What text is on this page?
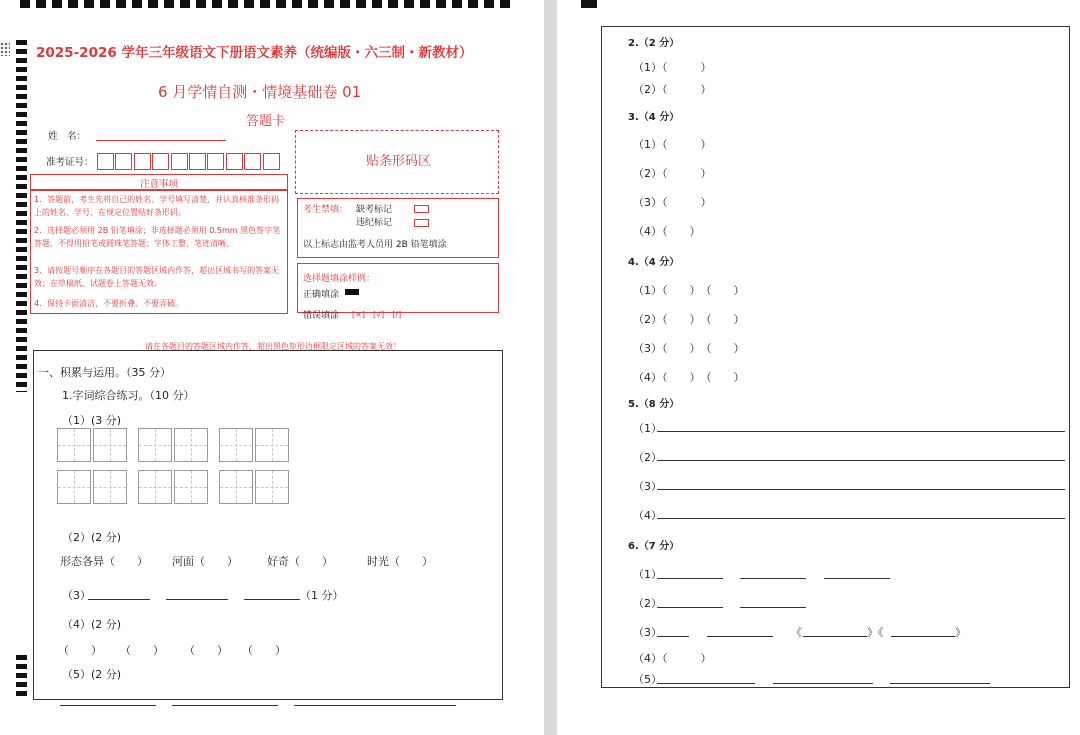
2025-2026 学年三年级语文下册语文素养（统编版・六三制・新教材）
6 月学情自测・情境基础卷 01
答题卡
姓　名：
准考证号：	贴条形码区
注意事项
1．答题前，考生先将自己的姓名、学号填写清楚，并认真核准条形码上的姓名、学号，在规定位置贴好条形码。
2．选择题必须用 2B 铅笔填涂；非选择题必须用 0.5mm 黑色签字笔答题，不得用铅笔或圆珠笔答题；字体工整、笔迹清晰。
3．请按题号顺序在各题目的答题区域内作答，超出区域书写的答案无效；在草稿纸、试题卷上答题无效。
4．保持卡面清洁，不要折叠、不要弄破。
考生禁填： 缺考标记
违纪标记
以上标志由监考人员用 2B 铅笔填涂
选择题填涂样例：
正确填涂
错误填涂 [×]　[√]　[/]
请在各题目的答题区域内作答，超出黑色矩形边框限定区域的答案无效！
一、积累与运用。（35 分）
1.字词综合练习。（10 分）
（1）(3 分)
（2）(2 分)
形态各异（　　） 河面（　　）	好奇（　　）	时光（　　）
（3）	（1 分）
（4）(2 分)
（　　） （　　） （　　） （　　）
（5）(2 分)
2.（2 分）
（1）（　　　）
（2）（　　　）
3.（4 分）
（1）（　　　）
（2）（　　　）
（3）（　　　）
（4）（　　）
4.（4 分）
（1）（　　）　（　　）
（2）（　　）　（　　）
（3）（　　）　（　　）
（4）（　　）　（　　）
5.（8 分）
（1）
（2）
（3）
（4）
6.（7 分）
（1）
（2）
（3）	《	》《	》
（4）（　　　）
（5）
